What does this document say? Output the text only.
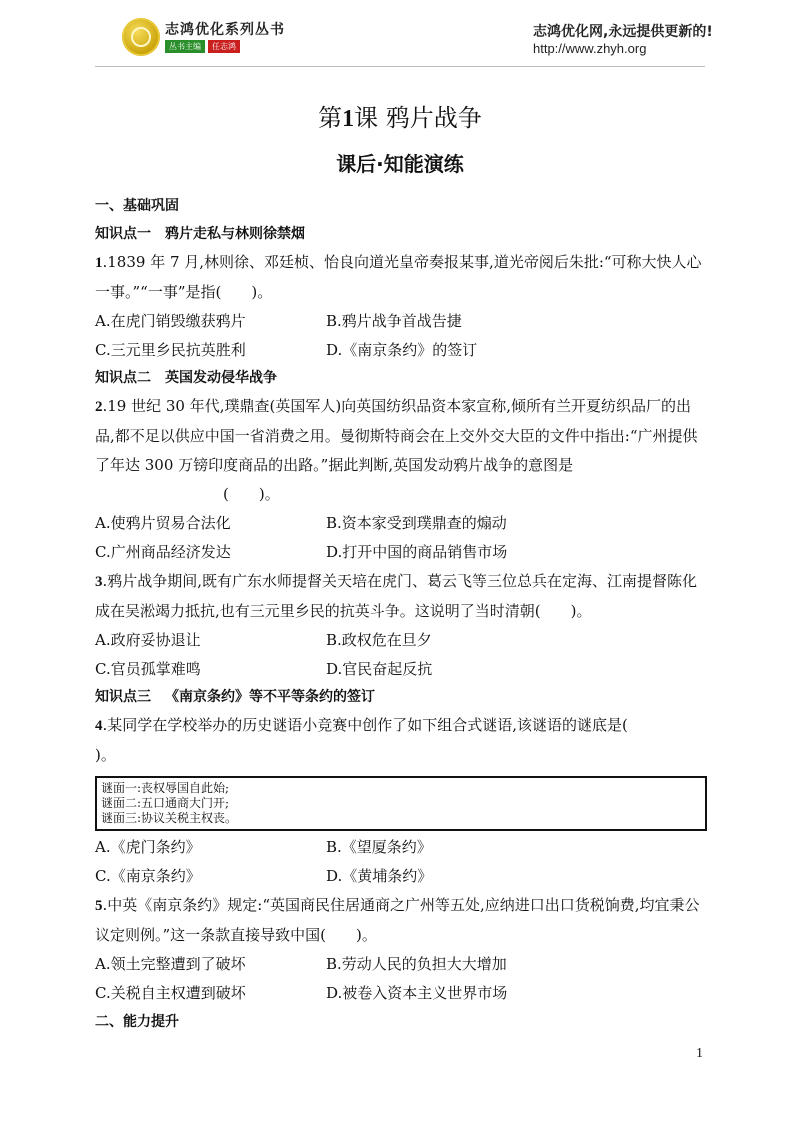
志鸿优化系列丛书
丛书主编	任志鸿
志鸿优化网,永远提供更新的!
http://www.zhyh.org
第1课 鸦片战争
课后·知能演练
一、基础巩固
知识点一 鸦片走私与林则徐禁烟
1.1839 年 7 月,林则徐、邓廷桢、怡良向道光皇帝奏报某事,道光帝阅后朱批:“可称大快人心一事。”“一事”是指(　　)。
A.在虎门销毁缴获鸦片	B.鸦片战争首战告捷
C.三元里乡民抗英胜利	D.《南京条约》的签订
知识点二 英国发动侵华战争
2.19 世纪 30 年代,璞鼎查(英国军人)向英国纺织品资本家宣称,倾所有兰开夏纺织品厂的出品,都不足以供应中国一省消费之用。曼彻斯特商会在上交外交大臣的文件中指出:“广州提供了年达 300 万镑印度商品的出路。”据此判断,英国发动鸦片战争的意图是
(　　)。
A.使鸦片贸易合法化	B.资本家受到璞鼎查的煽动
C.广州商品经济发达	D.打开中国的商品销售市场
3.鸦片战争期间,既有广东水师提督关天培在虎门、葛云飞等三位总兵在定海、江南提督陈化成在吴淞竭力抵抗,也有三元里乡民的抗英斗争。这说明了当时清朝(　　)。
A.政府妥协退让	B.政权危在旦夕
C.官员孤掌难鸣	D.官民奋起反抗
知识点三 《南京条约》等不平等条约的签订
4.某同学在学校举办的历史谜语小竞赛中创作了如下组合式谜语,该谜语的谜底是(
)。
谜面一:丧权辱国自此始;
谜面二:五口通商大门开;
谜面三:协议关税主权丧。
A.《虎门条约》	B.《望厦条约》
C.《南京条约》	D.《黄埔条约》
5.中英《南京条约》规定:“英国商民住居通商之广州等五处,应纳进口出口货税饷费,均宜秉公议定则例。”这一条款直接导致中国(　　)。
A.领土完整遭到了破坏	B.劳动人民的负担大大增加
C.关税自主权遭到破坏	D.被卷入资本主义世界市场
二、能力提升
1
